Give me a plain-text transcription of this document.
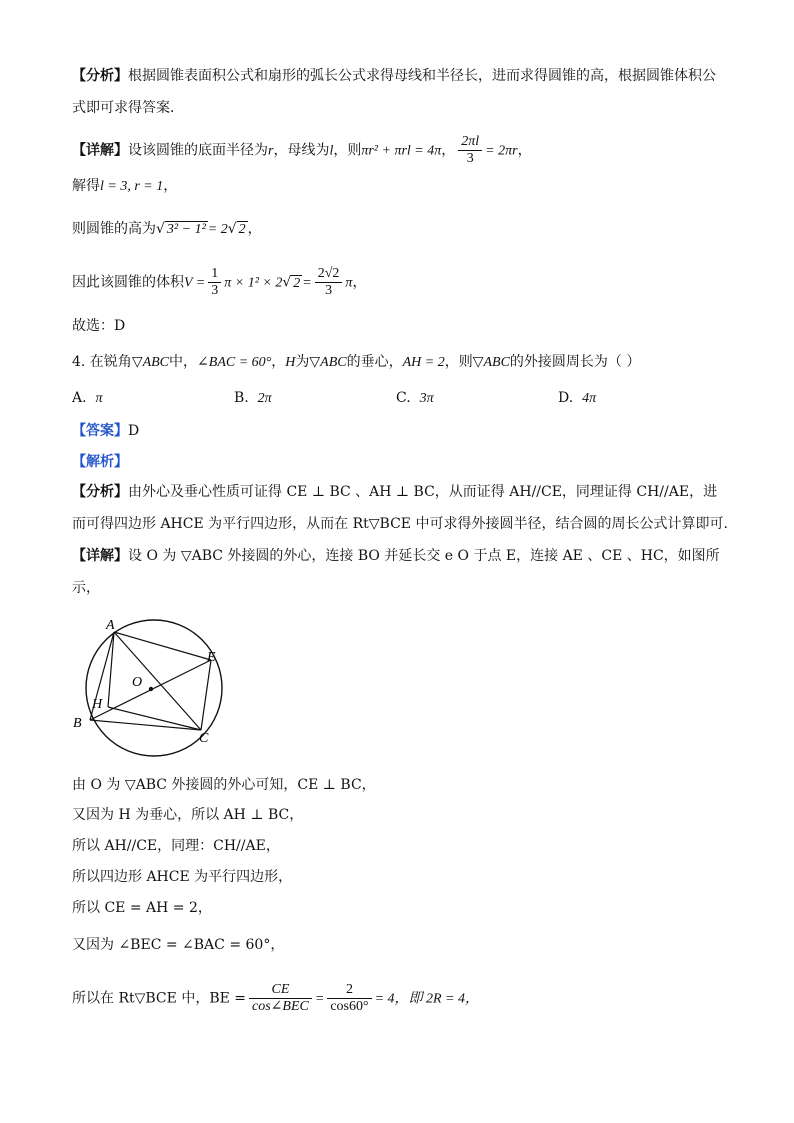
【分析】根据圆锥表面积公式和扇形的弧长公式求得母线和半径长，进而求得圆锥的高，根据圆锥体积公
式即可求得答案．
【详解】设该圆锥的底面半径为r，母线为l，则πr² + πrl = 4π， $\frac{2\pi l}{3} = 2\pi r$，
解得l = 3, r = 1，
则圆锥的高为√ 3² − 1² = 2√ 2 ，
因此该圆锥的体积$V = \frac{1}{3}$ π × 1² × 2√ $2 = \frac{2√2}{3}$ π，
故选：D
4. 在锐角▽ABC中，∠BAC = 60°，H为▽ABC的垂心，AH = 2，则▽ABC的外接圆周长为（ ）
A. π	B. 2π	C. 3π	D. 4π
【答案】D
【解析】
【分析】由外心及垂心性质可证得 CE ⊥ BC 、AH ⊥ BC，从而证得 AH//CE，同理证得 CH//AE，进
而可得四边形 AHCE 为平行四边形，从而在 Rt▽BCE 中可求得外接圆半径，结合圆的周长公式计算即可.
【详解】设 O 为 ▽ABC 外接圆的外心，连接 BO 并延长交 e O 于点 E，连接 AE 、CE 、HC，如图所
示，
A
E
O
H
B
C
由 O 为 ▽ABC 外接圆的外心可知，CE ⊥ BC，
又因为 H 为垂心，所以 AH ⊥ BC，
所以 AH//CE，同理：CH//AE，
所以四边形 AHCE 为平行四边形，
所以 CE = AH = 2，
又因为 ∠BEC = ∠BAC = 60°，
所以在 Rt▽BCE 中，BE = $\frac{CE}{\text{cos∠BEC}} = \frac{2}{\cos 60^\circ} = 4$，即 2R = 4，
